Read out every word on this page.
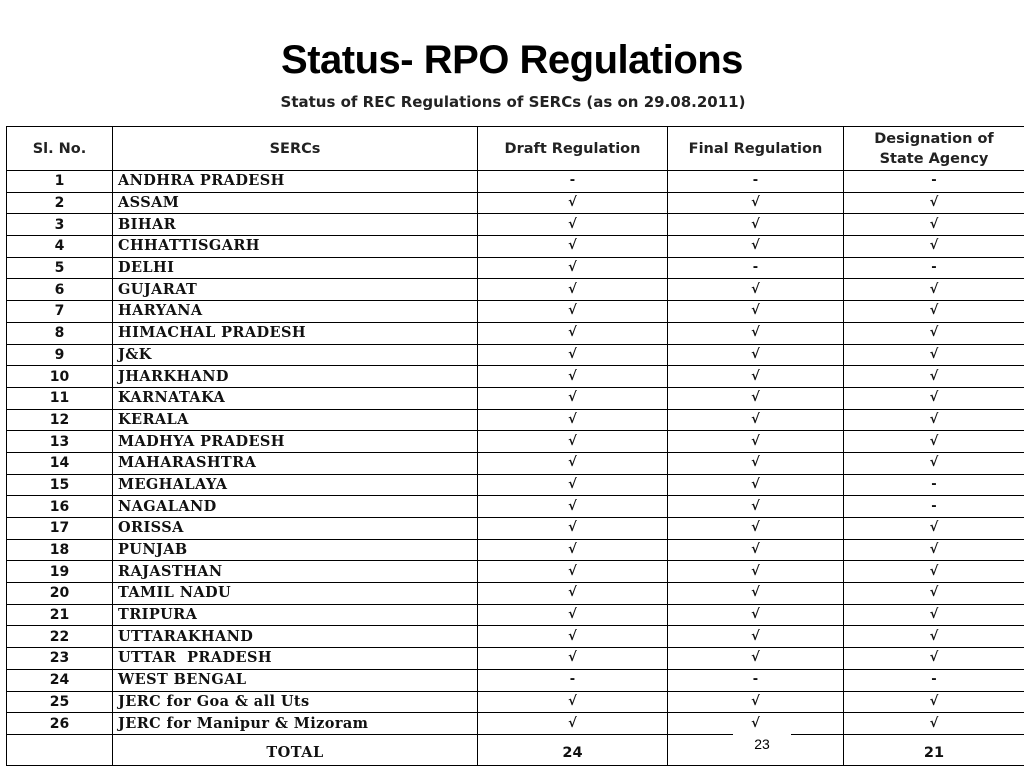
Status- RPO Regulations
Status of REC Regulations of SERCs (as on 29.08.2011)
Sl. No.	SERCs	Draft Regulation	Final Regulation	Designation of
State Agency

1	ANDHRA PRADESH	-	-	-
2	ASSAM	√	√	√
3	BIHAR	√	√	√
4	CHHATTISGARH	√	√	√
5	DELHI	√	-	-
6	GUJARAT	√	√	√
7	HARYANA	√	√	√
8	HIMACHAL PRADESH	√	√	√
9	J&K	√	√	√
10	JHARKHAND	√	√	√
11	KARNATAKA	√	√	√
12	KERALA	√	√	√
13	MADHYA PRADESH	√	√	√
14	MAHARASHTRA	√	√	√
15	MEGHALAYA	√	√	-
16	NAGALAND	√	√	-
17	ORISSA	√	√	√
18	PUNJAB	√	√	√
19	RAJASTHAN	√	√	√
20	TAMIL NADU	√	√	√
21	TRIPURA	√	√	√
22	UTTARAKHAND	√	√	√
23	UTTAR  PRADESH	√	√	√
24	WEST BENGAL	-	-	-
25	JERC for Goa & all Uts	√	√	√
26	JERC for Manipur & Mizoram	√	√	√
	TOTAL	24		21
23
